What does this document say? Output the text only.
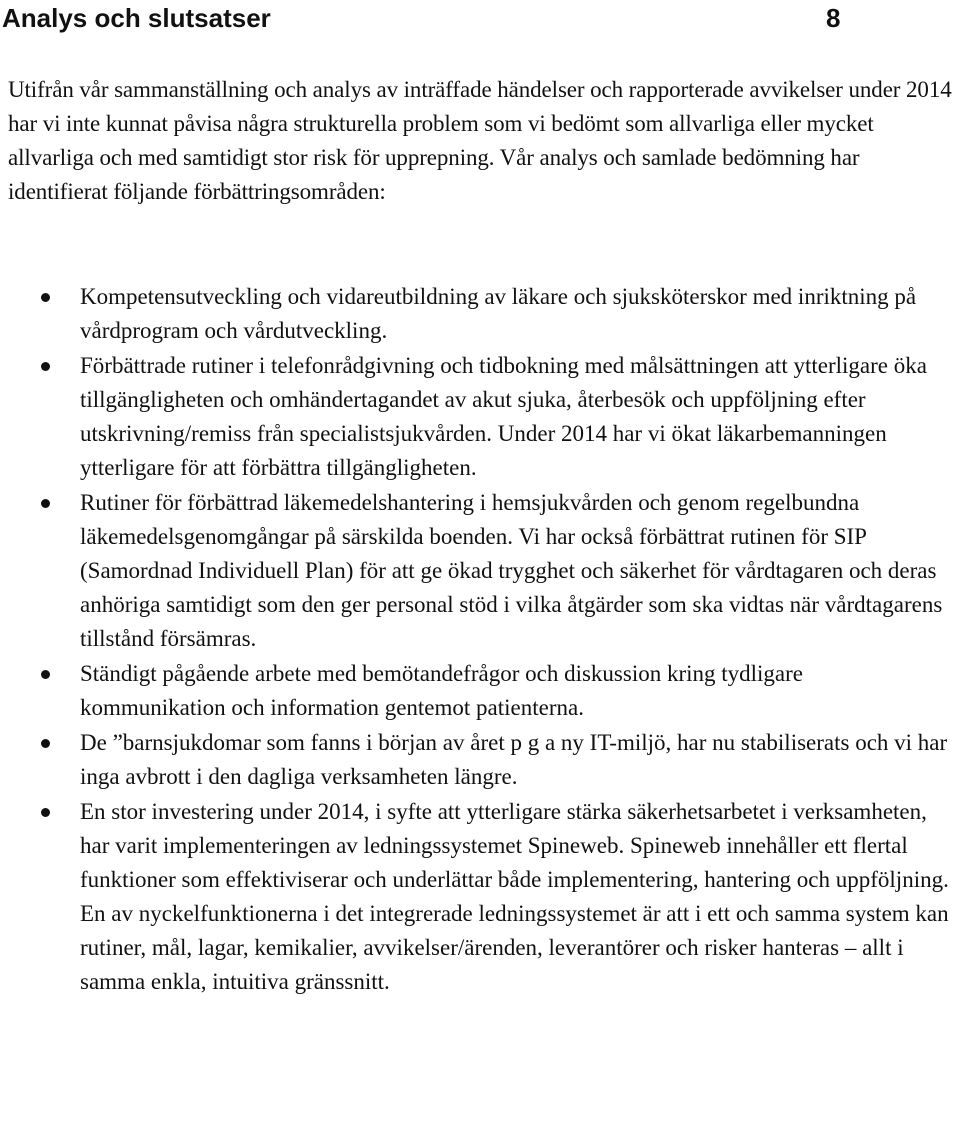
Analys och slutsatser	8

Utifrån vår sammanställning och analys av inträffade händelser och rapporterade avvikelser under 2014 har vi inte kunnat påvisa några strukturella problem som vi bedömt som allvarliga eller mycket allvarliga och med samtidigt stor risk för upprepning. Vår analys och samlade bedömning har identifierat följande förbättringsområden:

Kompetensutveckling och vidareutbildning av läkare och sjuksköterskor med inriktning på vårdprogram och vårdutveckling.
Förbättrade rutiner i telefonrådgivning och tidbokning med målsättningen att ytterligare öka tillgängligheten och omhändertagandet av akut sjuka, återbesök och uppföljning efter utskrivning/remiss från specialistsjukvården. Under 2014 har vi ökat läkarbemanningen ytterligare för att förbättra tillgängligheten.
Rutiner för förbättrad läkemedelshantering i hemsjukvården och genom regelbundna läkemedelsgenomgångar på särskilda boenden. Vi har också förbättrat rutinen för SIP (Samordnad Individuell Plan) för att ge ökad trygghet och säkerhet för vårdtagaren och deras anhöriga samtidigt som den ger personal stöd i vilka åtgärder som ska vidtas när vårdtagarens tillstånd försämras.
Ständigt pågående arbete med bemötandefrågor och diskussion kring tydligare kommunikation och information gentemot patienterna.
De ”barnsjukdomar som fanns i början av året p g a ny IT-miljö, har nu stabiliserats och vi har inga avbrott i den dagliga verksamheten längre.
En stor investering under 2014, i syfte att ytterligare stärka säkerhetsarbetet i verksamheten, har varit implementeringen av ledningssystemet Spineweb. Spineweb innehåller ett flertal funktioner som effektiviserar och underlättar både implementering, hantering och uppföljning. En av nyckelfunktionerna i det integrerade ledningssystemet är att i ett och samma system kan rutiner, mål, lagar, kemikalier, avvikelser/ärenden, leverantörer och risker hanteras – allt i samma enkla, intuitiva gränssnitt.
